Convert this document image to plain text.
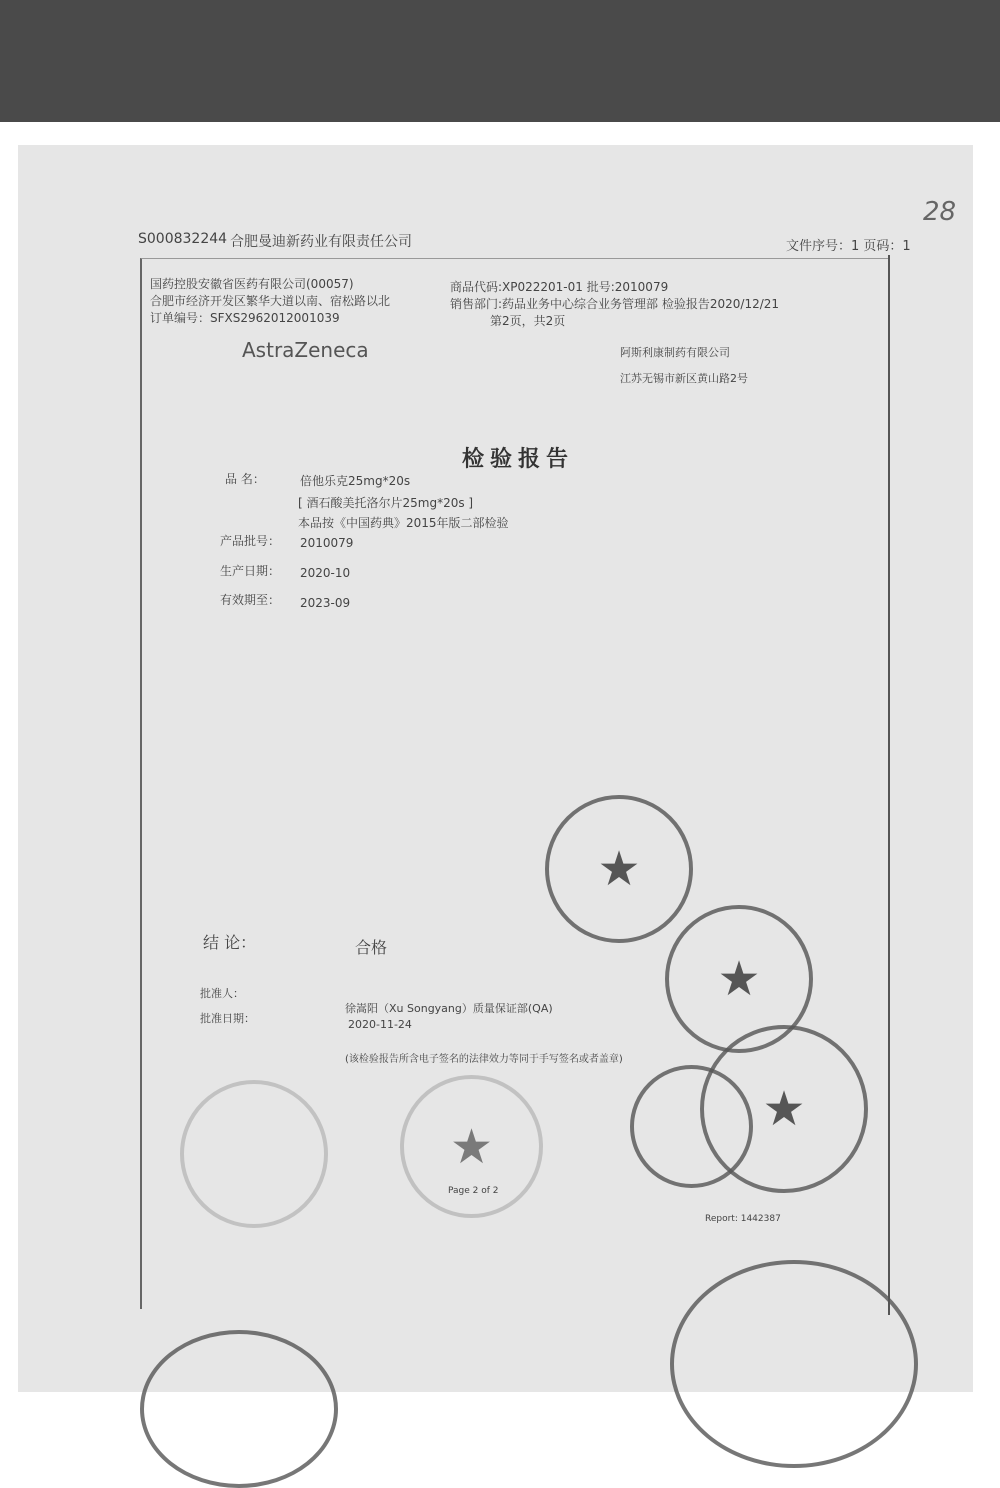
S000832244 合肥曼迪新药业有限责任公司	文件序号：1 页码：1
28
国药控股安徽省医药有限公司(00057)
合肥市经济开发区繁华大道以南、宿松路以北
订单编号：SFXS2962012001039
商品代码:XP022201-01 批号:2010079
销售部门:药品业务中心综合业务管理部 检验报告2020/12/21
第2页，共2页
AstraZeneca	阿斯利康制药有限公司
江苏无锡市新区黄山路2号
检验报告
品 名：	倍他乐克25mg*20s
[ 酒石酸美托洛尔片25mg*20s ]
本品按《中国药典》2015年版二部检验
产品批号： 2010079
生产日期： 2020-10
有效期至： 2023-09
结 论：	合格
批准人：
徐嵩阳（Xu Songyang）质量保证部(QA)
批准日期：	2020-11-24
(该检验报告所含电子签名的法律效力等同于手写签名或者盖章)
Page 2 of 2
Report: 1442387
★
★
★
★
